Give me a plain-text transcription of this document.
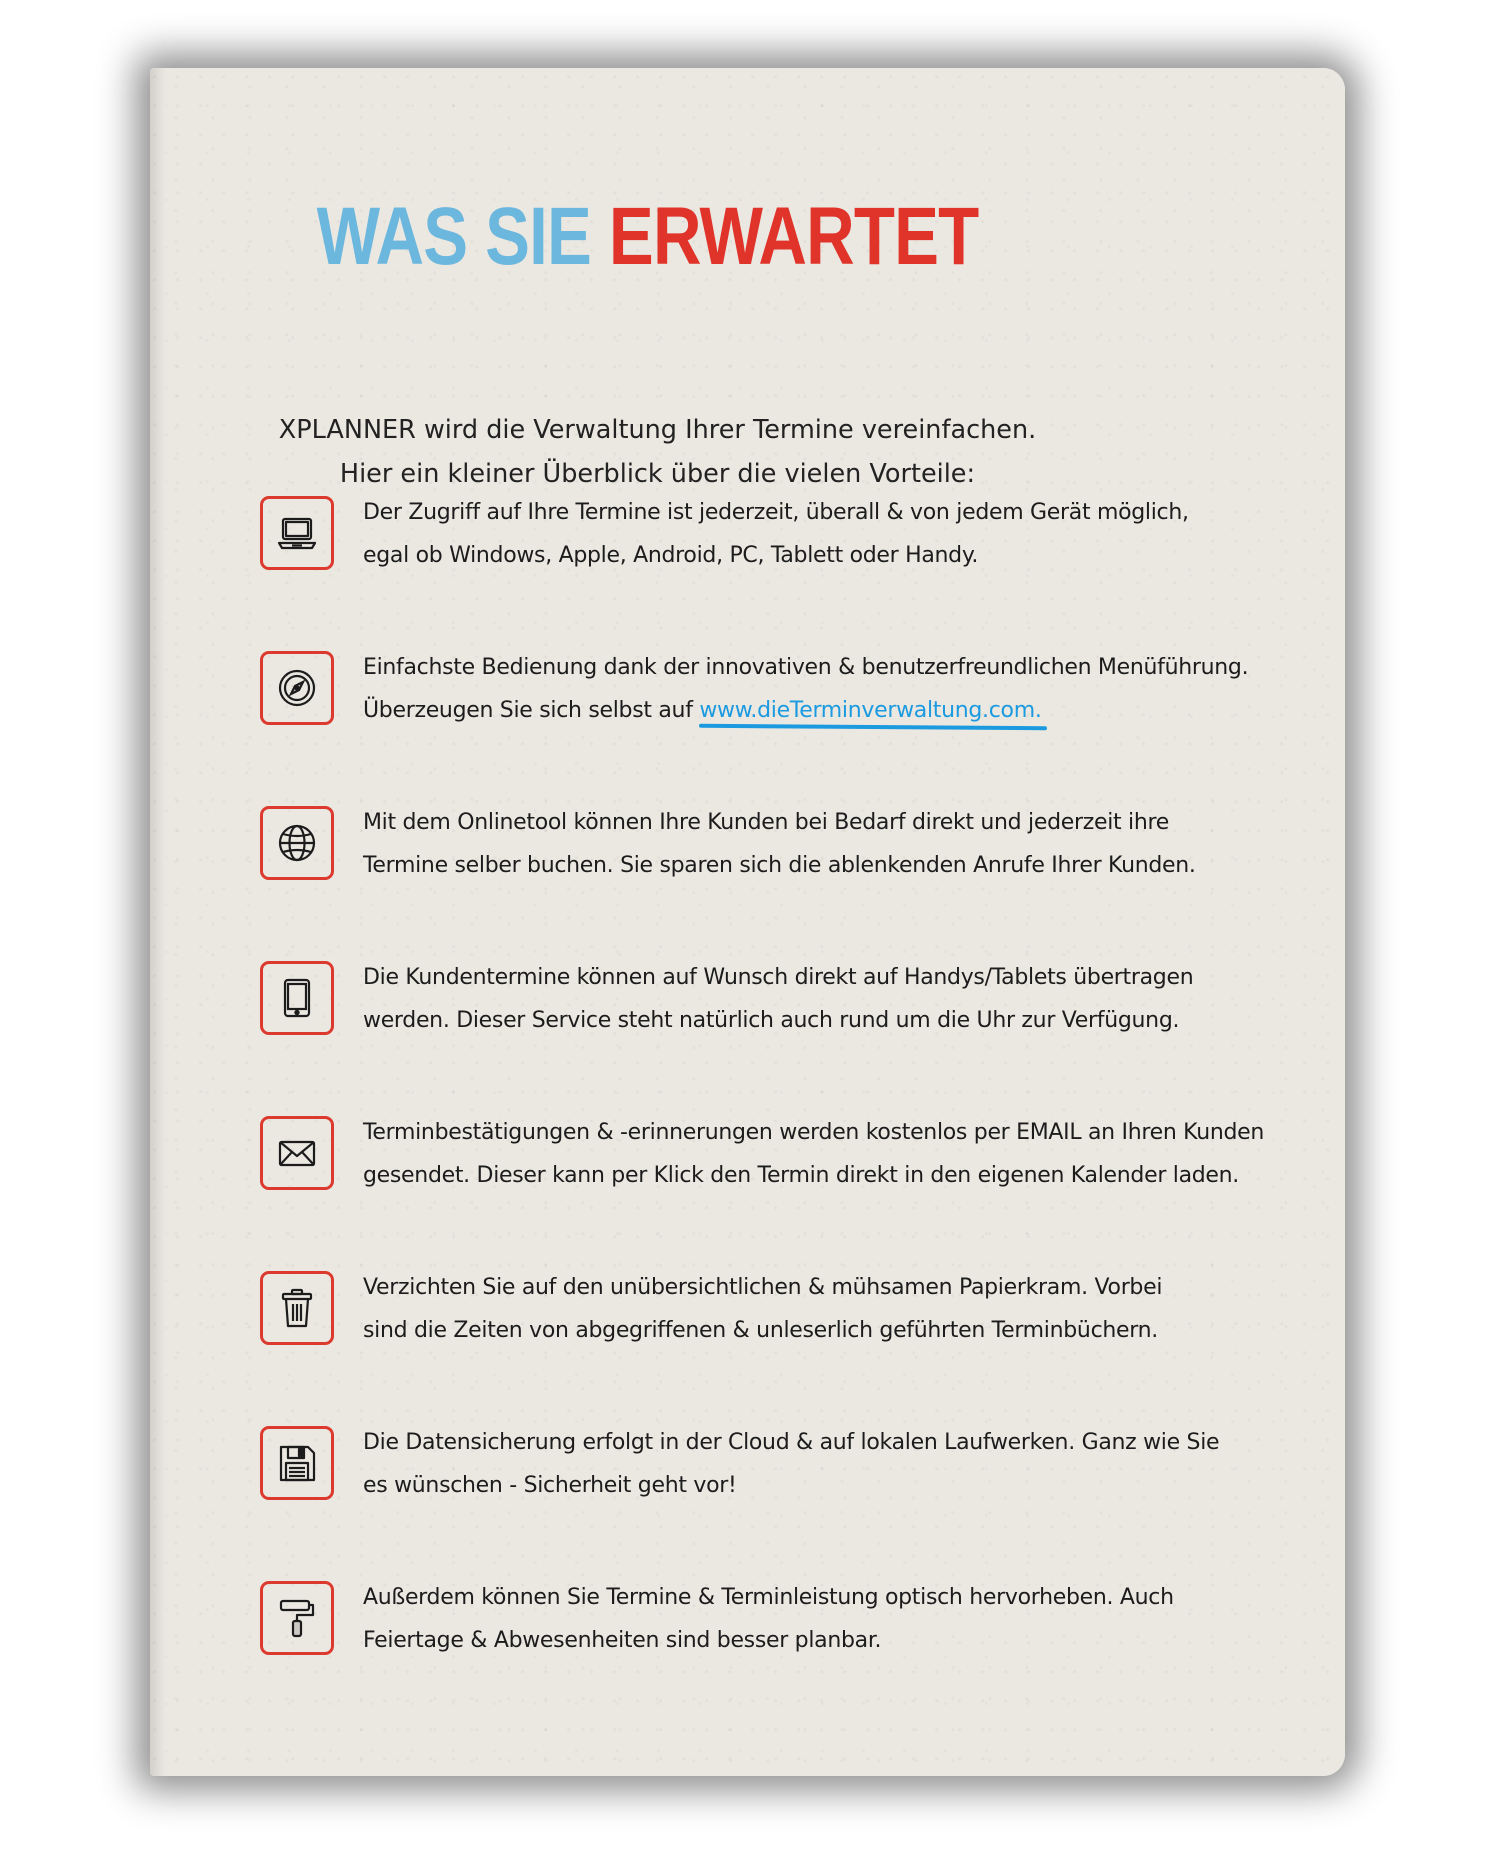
WAS SIE ERWARTET
XPLANNER wird die Verwaltung Ihrer Termine vereinfachen.
Hier ein kleiner Überblick über die vielen Vorteile:
Der Zugriff auf Ihre Termine ist jederzeit, überall & von jedem Gerät möglich,
egal ob Windows, Apple, Android, PC, Tablett oder Handy.
Einfachste Bedienung dank der innovativen & benutzerfreundlichen Menüführung.
Überzeugen Sie sich selbst auf www.dieTerminverwaltung.com.
Mit dem Onlinetool können Ihre Kunden bei Bedarf direkt und jederzeit ihre
Termine selber buchen. Sie sparen sich die ablenkenden Anrufe Ihrer Kunden.
Die Kundentermine können auf Wunsch direkt auf Handys/Tablets übertragen
werden. Dieser Service steht natürlich auch rund um die Uhr zur Verfügung.
Terminbestätigungen & -erinnerungen werden kostenlos per EMAIL an Ihren Kunden
gesendet. Dieser kann per Klick den Termin direkt in den eigenen Kalender laden.
Verzichten Sie auf den unübersichtlichen & mühsamen Papierkram. Vorbei
sind die Zeiten von abgegriffenen & unleserlich geführten Terminbüchern.
Die Datensicherung erfolgt in der Cloud & auf lokalen Laufwerken. Ganz wie Sie
es wünschen - Sicherheit geht vor!
Außerdem können Sie Termine & Terminleistung optisch hervorheben. Auch
Feiertage & Abwesenheiten sind besser planbar.
